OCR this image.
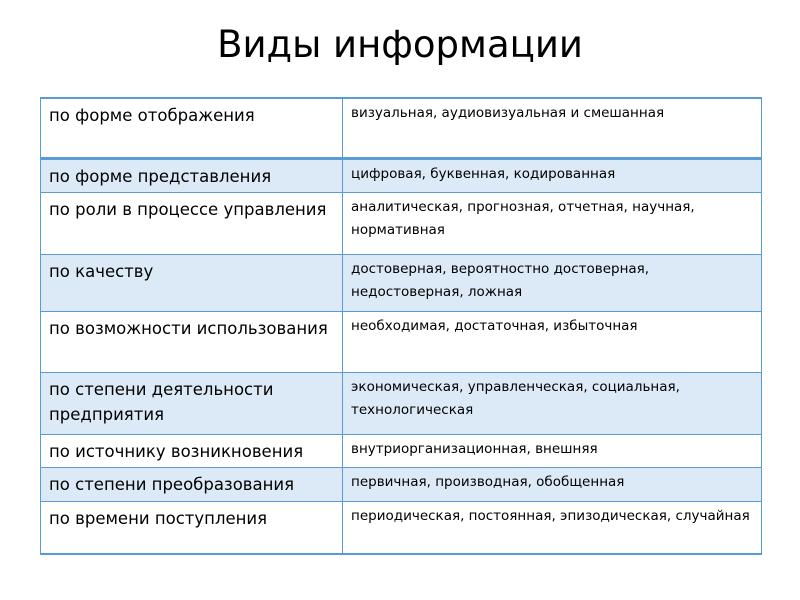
Виды информации
по форме отображения	визуальная, аудиовизуальная и смешанная
по форме представления	цифровая, буквенная, кодированная
по роли в процессе управления	аналитическая, прогнозная, отчетная, научная, нормативная
по качеству	достоверная, вероятностно достоверная, недостоверная, ложная
по возможности использования	необходимая, достаточная, избыточная
по степени деятельности предприятия	экономическая, управленческая, социальная, технологическая
по источнику возникновения	внутриорганизационная, внешняя
по степени преобразования	первичная, производная, обобщенная
по времени поступления	периодическая, постоянная, эпизодическая, случайная
